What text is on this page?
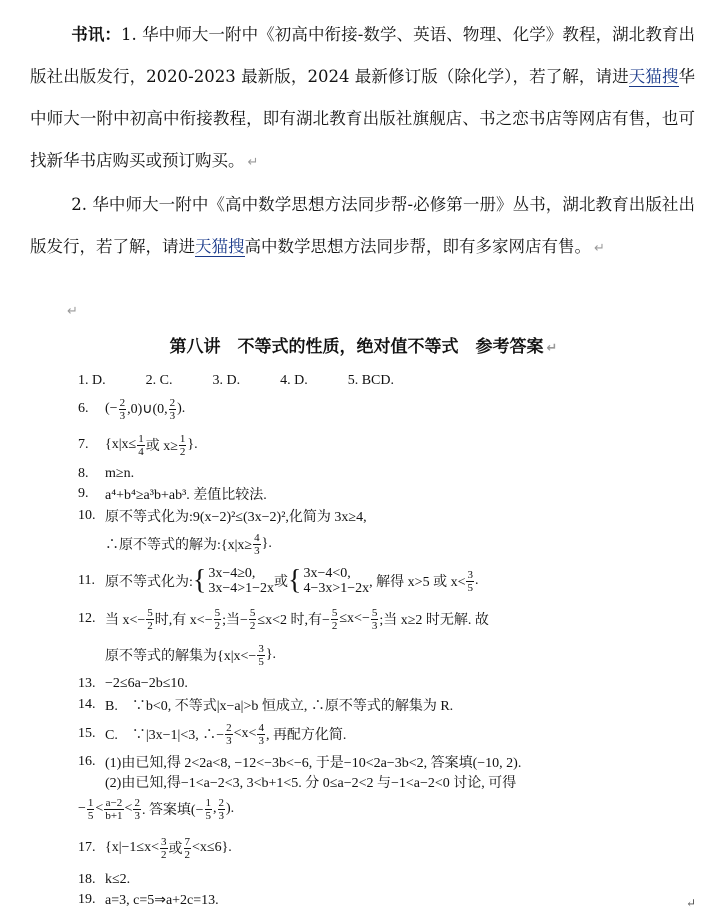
书讯：1. 华中师大一附中《初高中衔接-数学、英语、物理、化学》教程，湖北教育出版社出版发行，2020-2023 最新版，2024 最新修订版（除化学），若了解，请进天猫搜华中师大一附中初高中衔接教程，即有湖北教育出版社旗舰店、书之恋书店等网店有售，也可找新华书店购买或预订购买。 ↵

2. 华中师大一附中《高中数学思想方法同步帮-必修第一册》丛书，湖北教育出版社出版发行，若了解，请进天猫搜高中数学思想方法同步帮，即有多家网店有售。 ↵

↵
第八讲　不等式的性质，绝对值不等式　参考答案 ↵
1. D.	2. C.	3. D.	4. D.	5. BCD.
6.	(− $\frac{2}{3}$ ,0)∪(0, 2
3 ).
7.	{$x|x\le \frac{1}{4}$ 或 $x\ge \frac{1}{2}$ }.
8.	m≥n.
9.	a⁴+b⁴≥a³b+ab³. 差值比较法.
10. 原不等式化为:9(x−2)²≤(3x−2)²,化简为 3x≥4,
∴原不等式的解为:{x|x≥ $\frac{4}{3}$ }.
11. 原不等式化为: { 3x−4≥0,
3x−4>1−2x 或 { 3x−4<0,
4−3x>1−2x , 解得 x>5 或 x<
3
5 .
12. 当 $x<- \frac{5}{2}$ 时,有 $x<- \frac{5}{2}$ ;当− $\frac{5}{2} \le x<2$ 时,有− $\frac{5}{2} \le x<- \frac{5}{3}$ ;当 x≥2 时无解. 故
原不等式的解集为{$x|x<- \frac{3}{5}$ }.
13. −2≤6a−2b≤10.
14. B.　∵b<0, 不等式|x−a|>b 恒成立, ∴原不等式的解集为 R.
15. C.　∵|3x−1|<3, ∴− $\frac{2}{3} <x< 4$
3 , 再配方化简.
16. (1)由已知,得 2<2a<8, −12<−3b<−6, 于是−10<2a−3b<2, 答案填(−10, 2).
(2)由已知,得−1<a−2<3, 3<b+1<5. 分 0≤a−2<2 与−1<a−2<0 讨论, 可得
− $\frac{1}{5} < a-2$
b+1 < 2
3 . 答案填(− $\frac{1}{5}$ , 2
3 ).
17. {x|−1≤x< 3
2 或
7
2 <x≤6}.
18. k≤2.
19. a=3, c=5⇒a+2c=13.	↵
